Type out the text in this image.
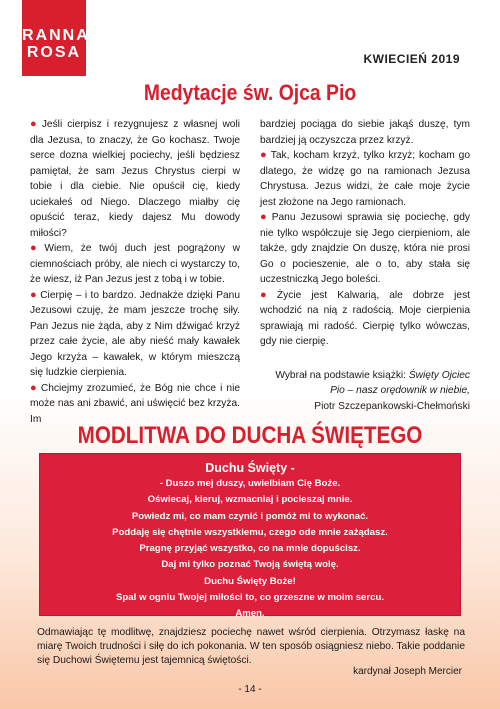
RANNA
ROSA	KWIECIEŃ 2019
Medytacje św. Ojca Pio

● Jeśli cierpisz i rezygnujesz z własnej woli dla Jezusa, to znaczy, że Go kochasz. Twoje serce dozna wielkiej pociechy, jeśli będziesz pamiętał, że sam Jezus Chrystus cierpi w tobie i dla ciebie. Nie opuścił cię, kiedy uciekałeś od Niego. Dlaczego miałby cię opuścić teraz, kiedy dajesz Mu dowody miłości?

● Wiem, że twój duch jest pogrążony w ciemnościach próby, ale niech ci wystarczy to, że wiesz, iż Pan Jezus jest z tobą i w tobie.

● Cierpię – i to bardzo. Jednakże dzięki Panu Jezusowi czuję, że mam jeszcze trochę siły. Pan Jezus nie żąda, aby z Nim dźwigać krzyż przez całe życie, ale aby nieść mały kawałek Jego krzyża – kawałek, w którym mieszczą się ludzkie cierpienia.

● Chciejmy zrozumieć, że Bóg nie chce i nie może nas ani zbawić, ani uświęcić bez krzyża. Im

bardziej pociąga do siebie jakąś duszę, tym bardziej ją oczyszcza przez krzyż.

● Tak, kocham krzyż, tylko krzyż; kocham go dlatego, że widzę go na ramionach Jezusa Chrystusa. Jezus widzi, że całe moje życie jest złożone na Jego ramionach.

● Panu Jezusowi sprawia się pociechę, gdy nie tylko współczuje się Jego cierpieniom, ale także, gdy znajdzie On duszę, która nie prosi Go o pocieszenie, ale o to, aby stała się uczestniczką Jego boleści.

● Życie jest Kalwarią, ale dobrze jest wchodzić na nią z radością. Moje cierpienia sprawiają mi radość. Cierpię tylko wówczas, gdy nie cierpię.

Wybrał na podstawie książki: Święty Ojciec Pio – nasz orędownik w niebie,
Piotr Szczepankowski-Chełmoński

MODLITWA DO DUCHA ŚWIĘTEGO
Duchu Święty -
- Duszo mej duszy, uwielbiam Cię Boże.
Oświecaj, kieruj, wzmacniaj i pocieszaj mnie.
Powiedz mi, co mam czynić i pomóż mi to wykonać.
Poddaję się chętnie wszystkiemu, czego ode mnie zażądasz.
Pragnę przyjąć wszystko, co na mnie dopuścisz.
Daj mi tylko poznać Twoją świętą wolę.
Duchu Święty Boże!
Spal w ogniu Twojej miłości to, co grzeszne w moim sercu.
Amen.
Odmawiając tę modlitwę, znajdziesz pociechę nawet wśród cierpienia. Otrzymasz łaskę na miarę Twoich trudności i siłę do ich pokonania. W ten sposób osiągniesz niebo. Takie poddanie się Duchowi Świętemu jest tajemnicą świętości.
kardynał Joseph Mercier
- 14 -
